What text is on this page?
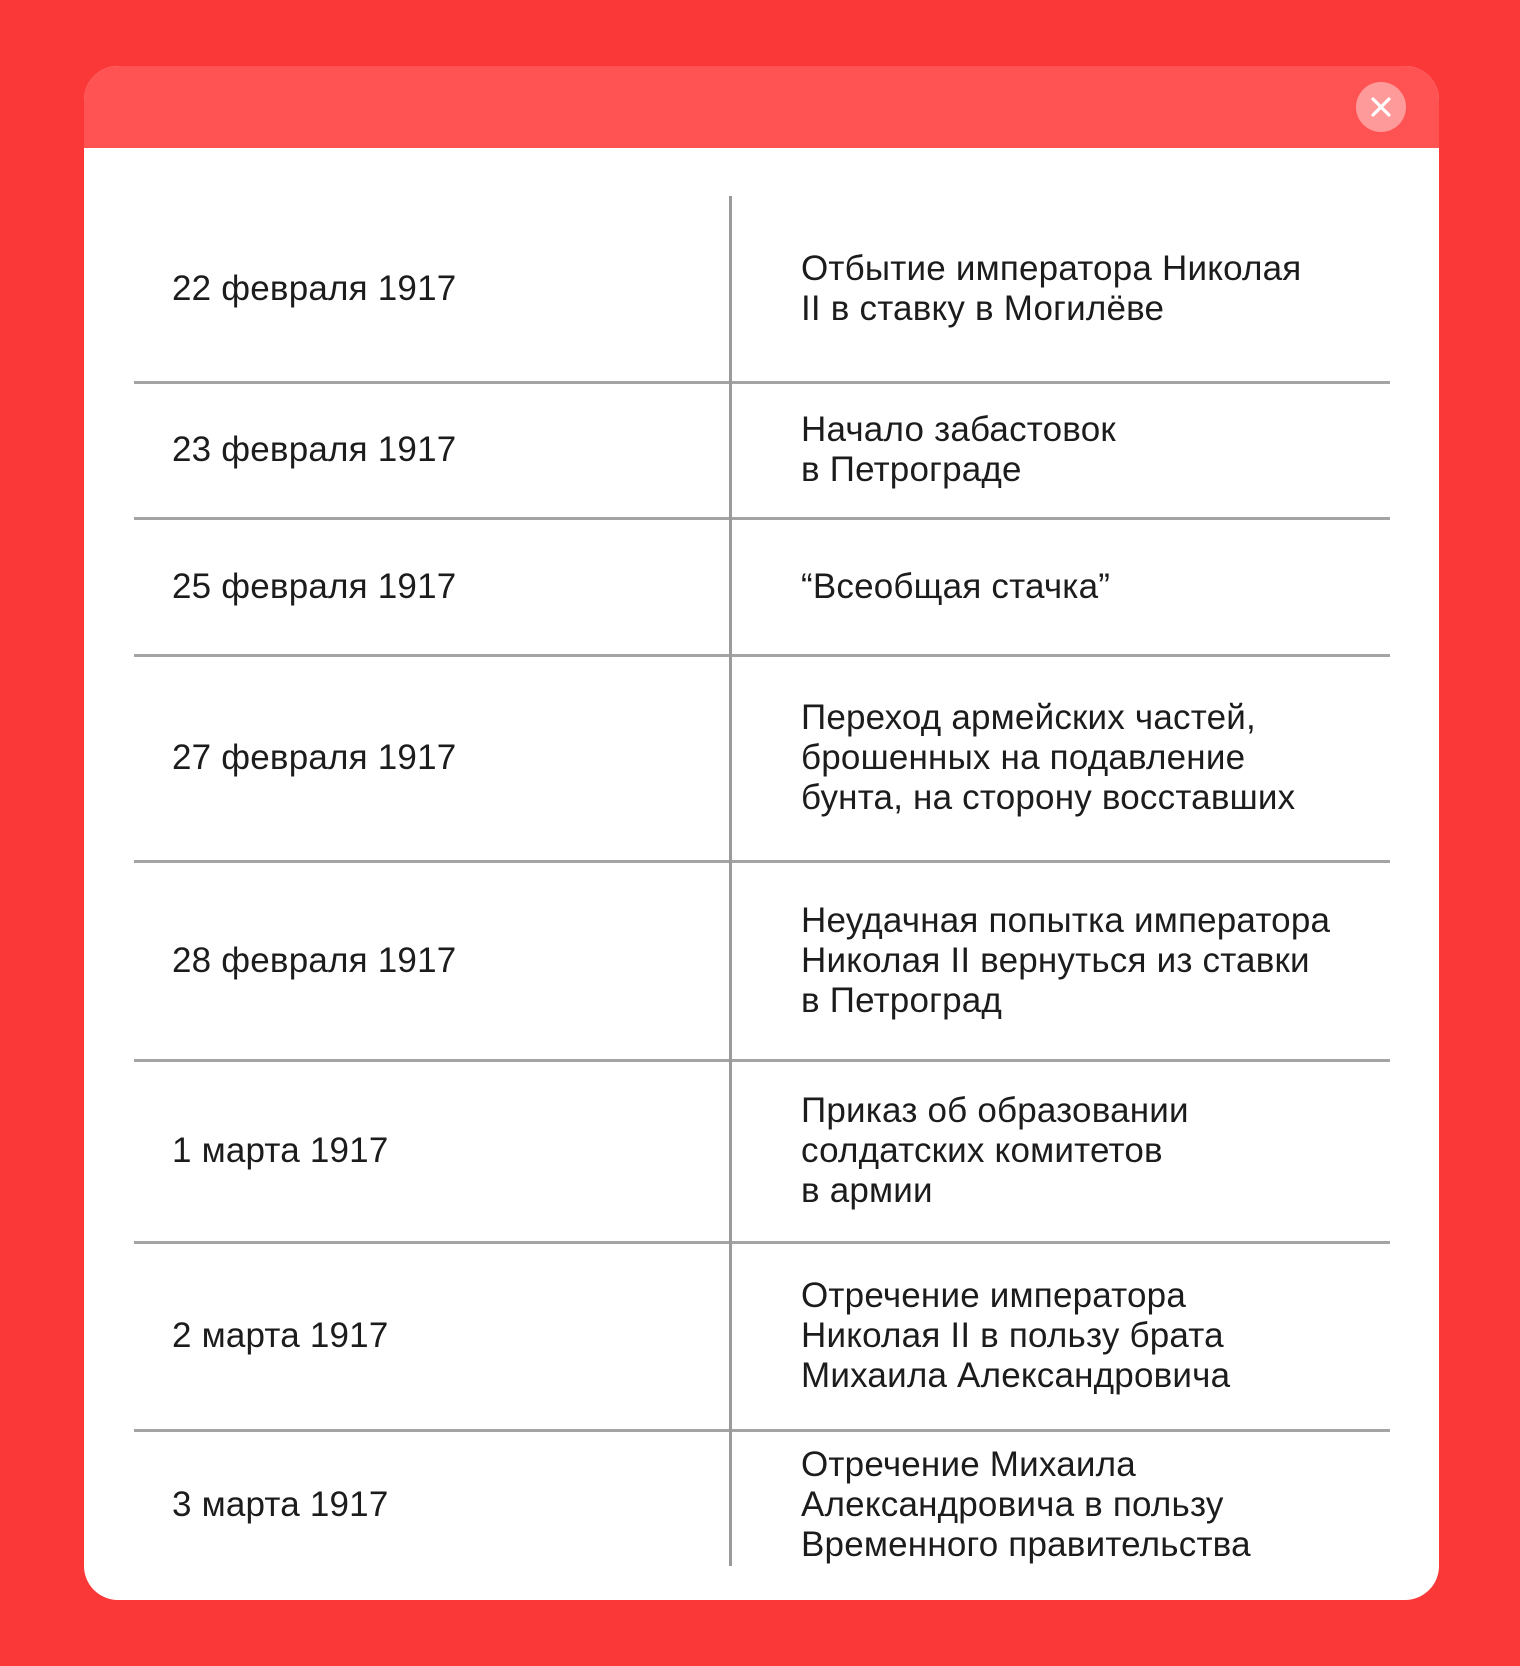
22 февраля 1917
Отбытие императора Николая
II в ставку в Могилёве
23 февраля 1917
Начало забастовок
в Петрограде
25 февраля 1917	“Всеобщая стачка”
27 февраля 1917
Переход армейских частей,
брошенных на подавление
бунта, на сторону восставших
28 февраля 1917
Неудачная попытка императора
Николая II вернуться из ставки
в Петроград
1 марта 1917
Приказ об образовании
солдатских комитетов
в армии
2 марта 1917
Отречение императора
Николая II в пользу брата
Михаила Александровича
3 марта 1917
Отречение Михаила
Александровича в пользу
Временного правительства
